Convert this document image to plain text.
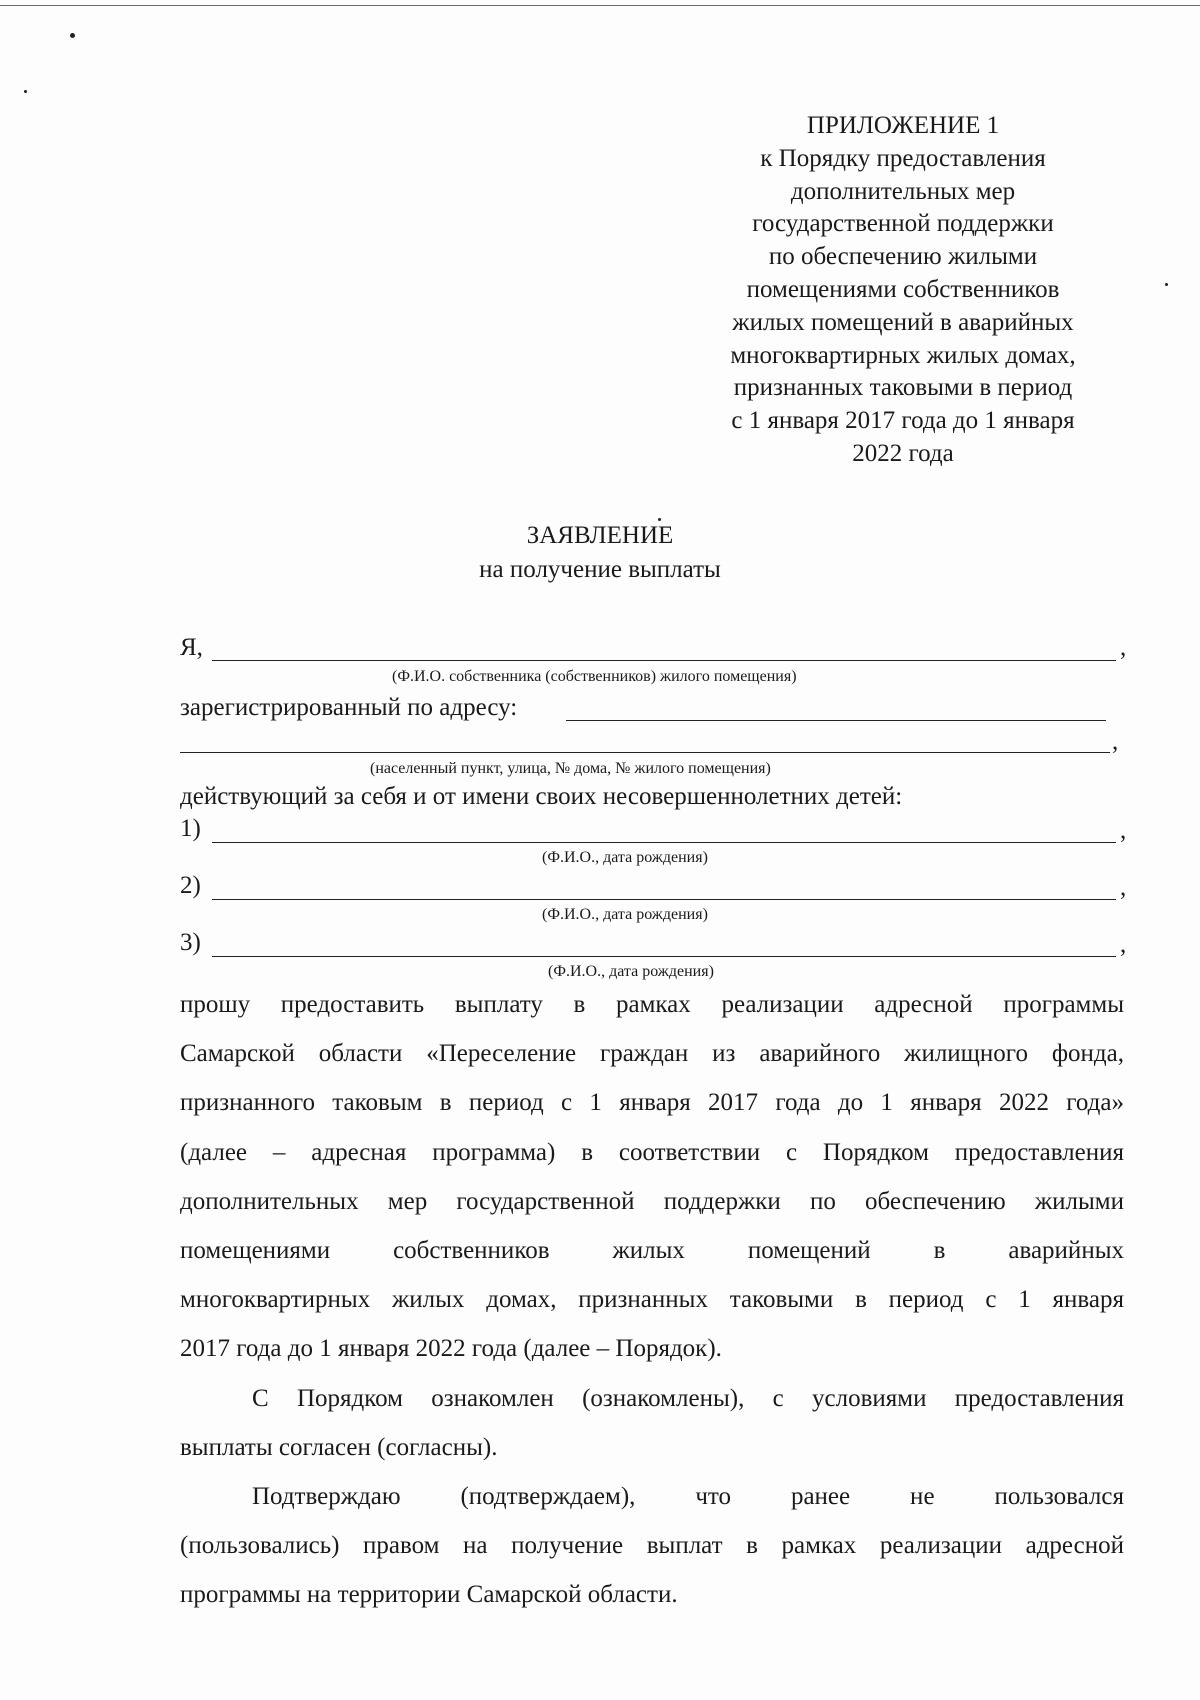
ПРИЛОЖЕНИЕ 1
к Порядку предоставления
дополнительных мер
государственной поддержки
по обеспечению жилыми
помещениями собственников
жилых помещений в аварийных
многоквартирных жилых домах,
признанных таковыми в период
с 1 января 2017 года до 1 января
2022 года
ЗАЯВЛЕНИЕ
на получение выплаты
Я,	,
(Ф.И.О. собственника (собственников) жилого помещения)
зарегистрированный по адресу:
,
(населенный пункт, улица, № дома, № жилого помещения)
действующий за себя и от имени своих несовершеннолетних детей:
1)	,
(Ф.И.О., дата рождения)
2)	,
(Ф.И.О., дата рождения)
3)	,
(Ф.И.О., дата рождения)
прошу предоставить выплату в рамках реализации адресной программы
Самарской области «Переселение граждан из аварийного жилищного фонда,
признанного таковым в период с 1 января 2017 года до 1 января 2022 года»
(далее – адресная программа) в соответствии с Порядком предоставления
дополнительных мер государственной поддержки по обеспечению жилыми
помещениями собственников жилых помещений в аварийных
многоквартирных жилых домах, признанных таковыми в период с 1 января
2017 года до 1 января 2022 года (далее – Порядок).
С Порядком ознакомлен (ознакомлены), с условиями предоставления
выплаты согласен (согласны).
Подтверждаю (подтверждаем), что ранее не пользовался
(пользовались) правом на получение выплат в рамках реализации адресной
программы на территории Самарской области.
